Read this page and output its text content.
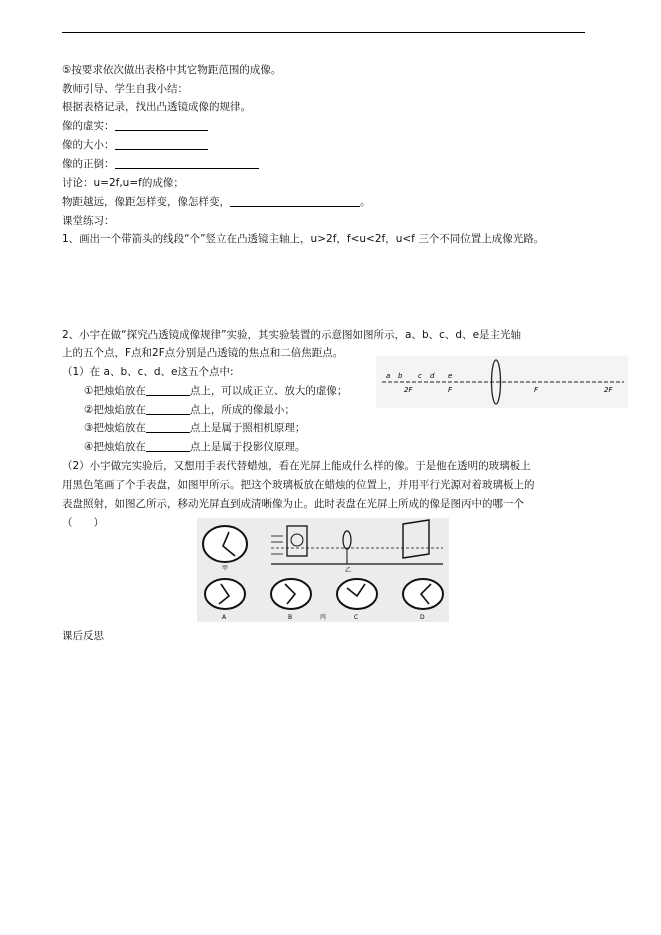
⑤按要求依次做出表格中其它物距范围的成像。
教师引导、学生自我小结：
根据表格记录，找出凸透镜成像的规律。
像的虚实：
像的大小：
像的正倒：
讨论：u=2f,u=f的成像；
物距越远，像距怎样变，像怎样变，	。
课堂练习：
1、画出一个带箭头的线段“个”竖立在凸透镜主轴上，u>2f，f<u<2f，u<f 三个不同位置上成像光路。
2、小宇在做“探究凸透镜成像规律”实验，其实验装置的示意图如图所示，a、b、c、d、e是主光轴
上的五个点，F点和2F点分别是凸透镜的焦点和二倍焦距点。
（1）在 a、b、c、d、e这五个点中:
①把烛焰放在	点上，可以成正立、放大的虚像；
②把烛焰放在	点上，所成的像最小；
③把烛焰放在	点上是属于照相机原理；
④把烛焰放在	点上是属于投影仪原理。
a b c d e
2F	F	F	2F
（2）小宇做完实验后，又想用手表代替蜡烛，看在光屏上能成什么样的像。于是他在透明的玻璃板上
用黑色笔画了个手表盘，如图甲所示。把这个玻璃板放在蜡烛的位置上，并用平行光源对着玻璃板上的
表盘照射，如图乙所示，移动光屏直到成清晰像为止。此时表盘在光屏上所成的像是图丙中的哪一个
（　　）
甲	乙
A	B	丙	C	D
课后反思
